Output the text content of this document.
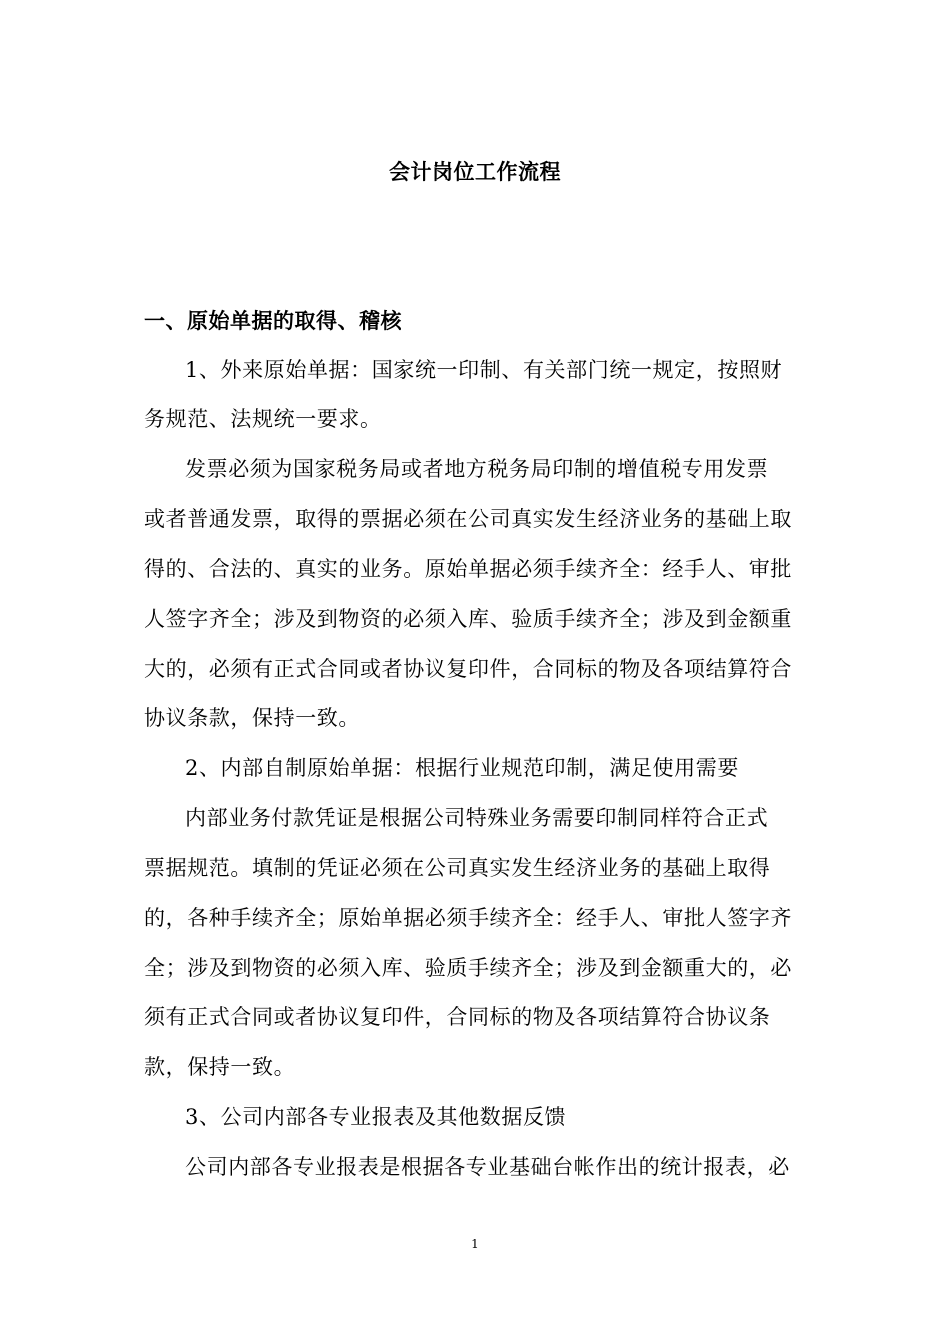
会计岗位工作流程
一、原始单据的取得、稽核
1、外来原始单据：国家统一印制、有关部门统一规定，按照财
务规范、法规统一要求。
发票必须为国家税务局或者地方税务局印制的增值税专用发票
或者普通发票，取得的票据必须在公司真实发生经济业务的基础上取
得的、合法的、真实的业务。原始单据必须手续齐全：经手人、审批
人签字齐全；涉及到物资的必须入库、验质手续齐全；涉及到金额重
大的，必须有正式合同或者协议复印件，合同标的物及各项结算符合
协议条款，保持一致。
2、内部自制原始单据：根据行业规范印制，满足使用需要
内部业务付款凭证是根据公司特殊业务需要印制同样符合正式
票据规范。填制的凭证必须在公司真实发生经济业务的基础上取得
的，各种手续齐全；原始单据必须手续齐全：经手人、审批人签字齐
全；涉及到物资的必须入库、验质手续齐全；涉及到金额重大的，必
须有正式合同或者协议复印件，合同标的物及各项结算符合协议条
款，保持一致。
3、公司内部各专业报表及其他数据反馈
公司内部各专业报表是根据各专业基础台帐作出的统计报表，必
1
